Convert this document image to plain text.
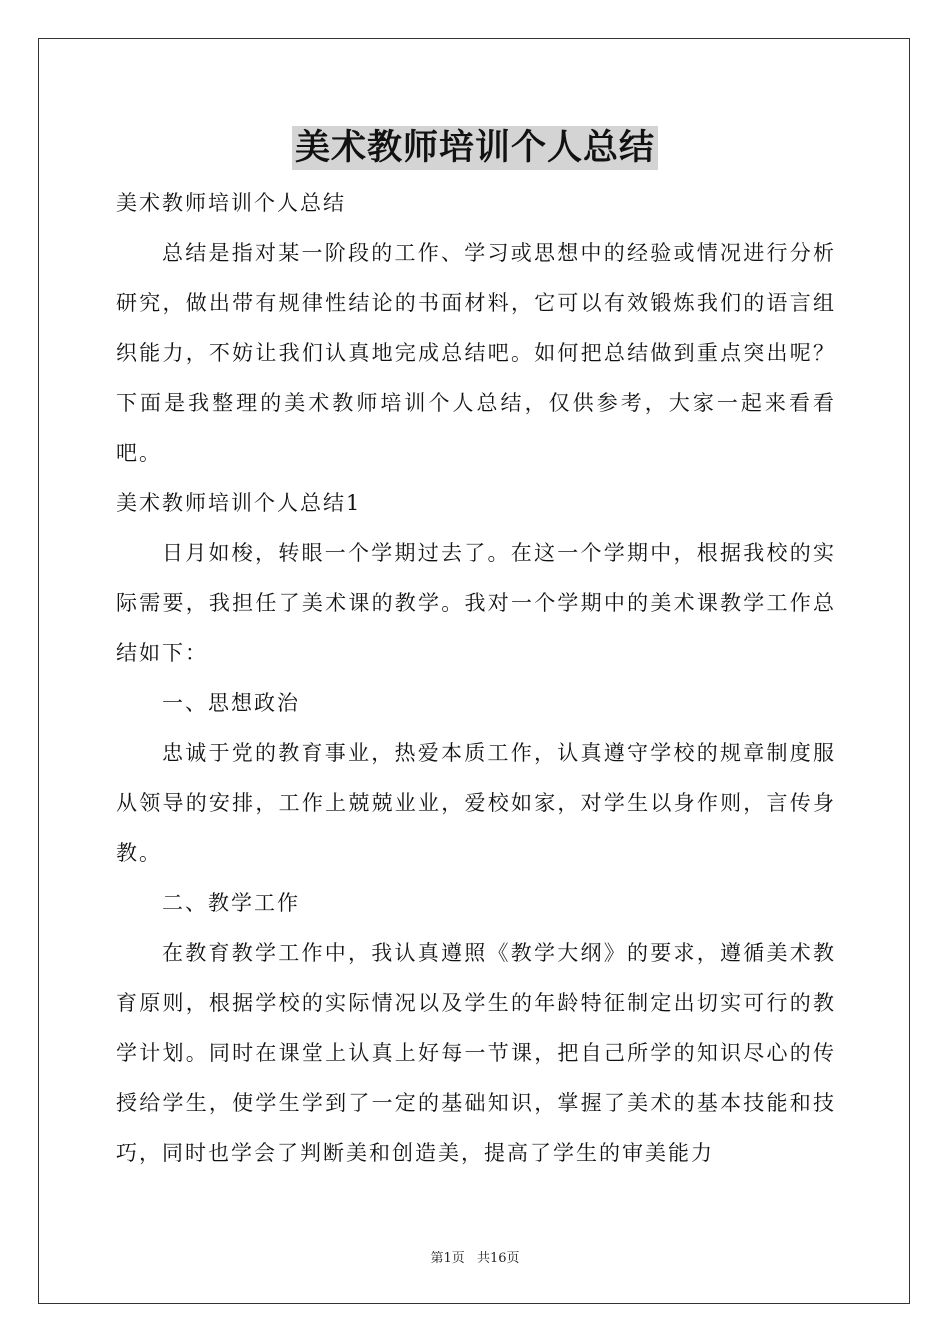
美术教师培训个人总结

美术教师培训个人总结

总结是指对某一阶段的工作、学习或思想中的经验或情况进行分析研究，做出带有规律性结论的书面材料，它可以有效锻炼我们的语言组织能力，不妨让我们认真地完成总结吧。如何把总结做到重点突出呢？下面是我整理的美术教师培训个人总结，仅供参考，大家一起来看看吧。

美术教师培训个人总结1

日月如梭，转眼一个学期过去了。在这一个学期中，根据我校的实际需要，我担任了美术课的教学。我对一个学期中的美术课教学工作总结如下：

一、思想政治

忠诚于党的教育事业，热爱本质工作，认真遵守学校的规章制度服从领导的安排，工作上兢兢业业，爱校如家，对学生以身作则，言传身教。

二、教学工作

在教育教学工作中，我认真遵照《教学大纲》的要求，遵循美术教育原则，根据学校的实际情况以及学生的年龄特征制定出切实可行的教学计划。同时在课堂上认真上好每一节课，把自己所学的知识尽心的传授给学生，使学生学到了一定的基础知识，掌握了美术的基本技能和技巧，同时也学会了判断美和创造美，提高了学生的审美能力

第1页 共16页
